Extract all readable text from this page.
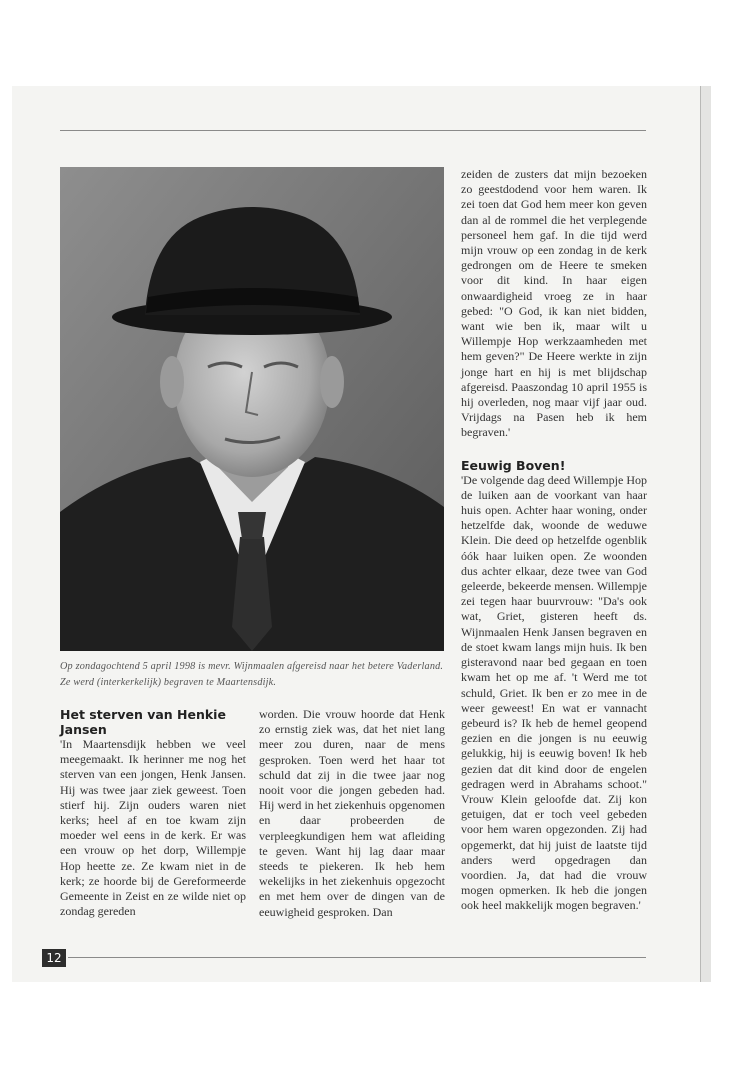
Op zondagochtend 5 april 1998 is mevr. Wijnmaalen afgereisd naar het betere Vaderland. Ze werd (interkerkelijk) begraven te Maartensdijk.

Het sterven van Henkie Jansen

'In Maartensdijk hebben we veel meegemaakt. Ik herinner me nog het sterven van een jongen, Henk Jansen. Hij was twee jaar ziek geweest. Toen stierf hij. Zijn ouders waren niet kerks; heel af en toe kwam zijn moeder wel eens in de kerk. Er was een vrouw op het dorp, Willempje Hop heette ze. Ze kwam niet in de kerk; ze hoorde bij de Gereformeerde Gemeente in Zeist en ze wilde niet op zondag gereden

worden. Die vrouw hoorde dat Henk zo ernstig ziek was, dat het niet lang meer zou duren, naar de mens gesproken. Toen werd het haar tot schuld dat zij in die twee jaar nog nooit voor die jongen gebeden had. Hij werd in het ziekenhuis opgenomen en daar probeerden de verpleegkundigen hem wat afleiding te geven. Want hij lag daar maar steeds te piekeren. Ik heb hem wekelijks in het ziekenhuis opgezocht en met hem over de dingen van de eeuwigheid gesproken. Dan

zeiden de zusters dat mijn bezoeken zo geestdodend voor hem waren. Ik zei toen dat God hem meer kon geven dan al de rommel die het verplegende personeel hem gaf. In die tijd werd mijn vrouw op een zondag in de kerk gedrongen om de Heere te smeken voor dit kind. In haar eigen onwaardigheid vroeg ze in haar gebed: "O God, ik kan niet bidden, want wie ben ik, maar wilt u Willempje Hop werkzaamheden met hem geven?" De Heere werkte in zijn jonge hart en hij is met blijdschap afgereisd. Paaszondag 10 april 1955 is hij overleden, nog maar vijf jaar oud. Vrijdags na Pasen heb ik hem begraven.'

Eeuwig Boven!

'De volgende dag deed Willempje Hop de luiken aan de voorkant van haar huis open. Achter haar woning, onder hetzelfde dak, woonde de weduwe Klein. Die deed op hetzelfde ogenblik óók haar luiken open. Ze woonden dus achter elkaar, deze twee van God geleerde, bekeerde mensen. Willempje zei tegen haar buurvrouw: "Da's ook wat, Griet, gisteren heeft ds. Wijnmaalen Henk Jansen begraven en de stoet kwam langs mijn huis. Ik ben gisteravond naar bed gegaan en toen kwam het op me af. 't Werd me tot schuld, Griet. Ik ben er zo mee in de weer geweest! En wat er vannacht gebeurd is? Ik heb de hemel geopend gezien en die jongen is nu eeuwig gelukkig, hij is eeuwig boven! Ik heb gezien dat dit kind door de engelen gedragen werd in Abrahams schoot." Vrouw Klein geloofde dat. Zij kon getuigen, dat er toch veel gebeden voor hem waren opgezonden. Zij had opgemerkt, dat hij juist de laatste tijd anders werd opgedragen dan voordien. Ja, dat had die vrouw mogen opmerken. Ik heb die jongen ook heel makkelijk mogen begraven.'

12
